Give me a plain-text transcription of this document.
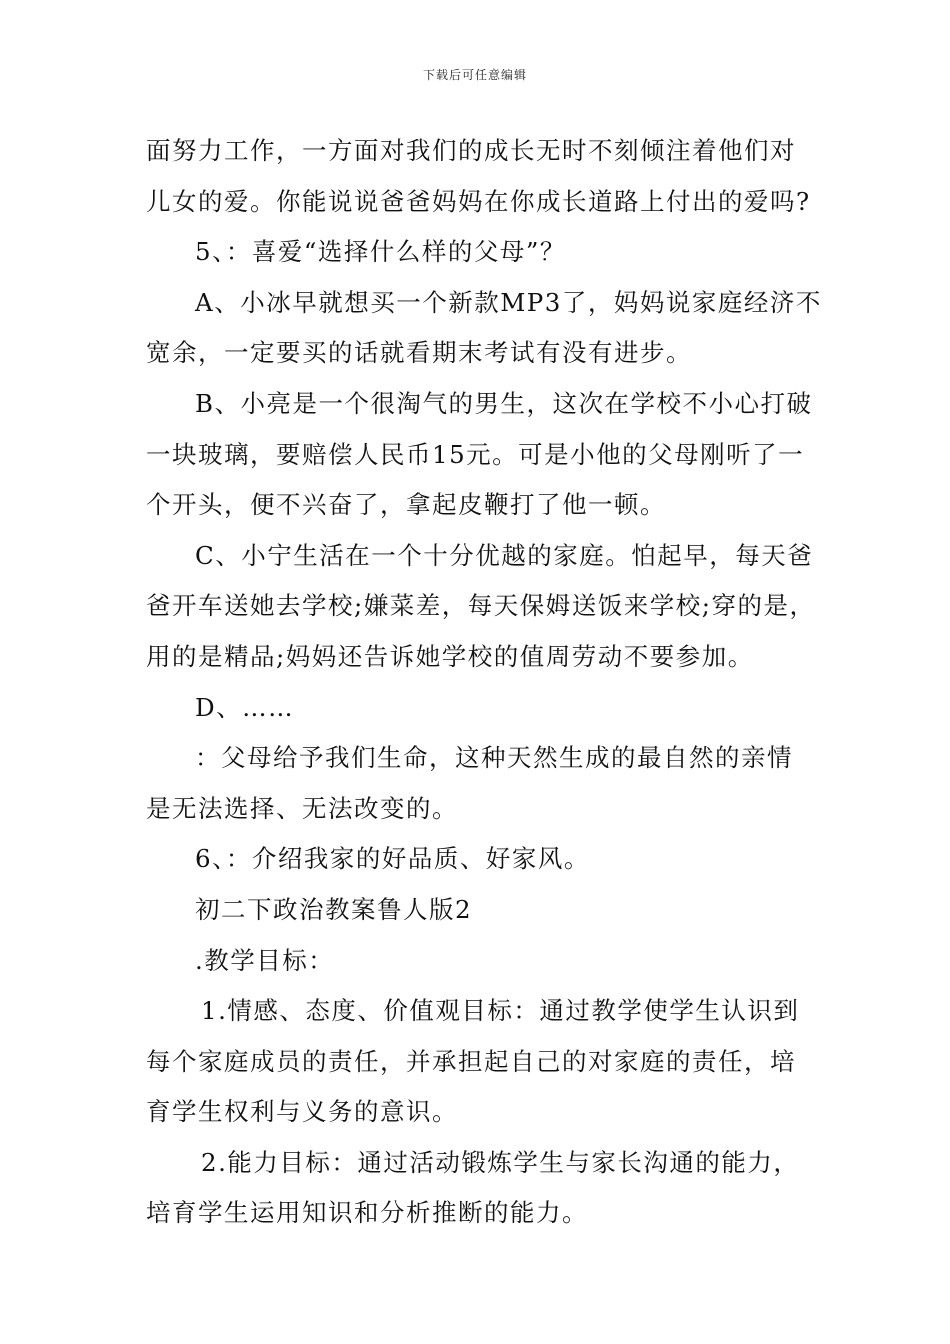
下载后可任意编辑
面努力工作，一方面对我们的成长无时不刻倾注着他们对
儿女的爱。你能说说爸爸妈妈在你成长道路上付出的爱吗?
5、：喜爱“选择什么样的父母”？
A、小冰早就想买一个新款MP3了，妈妈说家庭经济不
宽余，一定要买的话就看期末考试有没有进步。
B、小亮是一个很淘气的男生，这次在学校不小心打破
一块玻璃，要赔偿人民币15元。可是小他的父母刚听了一
个开头，便不兴奋了，拿起皮鞭打了他一顿。
C、小宁生活在一个十分优越的家庭。怕起早，每天爸
爸开车送她去学校;嫌菜差，每天保姆送饭来学校;穿的是，
用的是精品;妈妈还告诉她学校的值周劳动不要参加。
D、……
：父母给予我们生命，这种天然生成的最自然的亲情
是无法选择、无法改变的。
6、：介绍我家的好品质、好家风。
初二下政治教案鲁人版2
.教学目标：
1.情感、态度、价值观目标：通过教学使学生认识到
每个家庭成员的责任，并承担起自己的对家庭的责任，培
育学生权利与义务的意识。
2.能力目标：通过活动锻炼学生与家长沟通的能力，
培育学生运用知识和分析推断的能力。
